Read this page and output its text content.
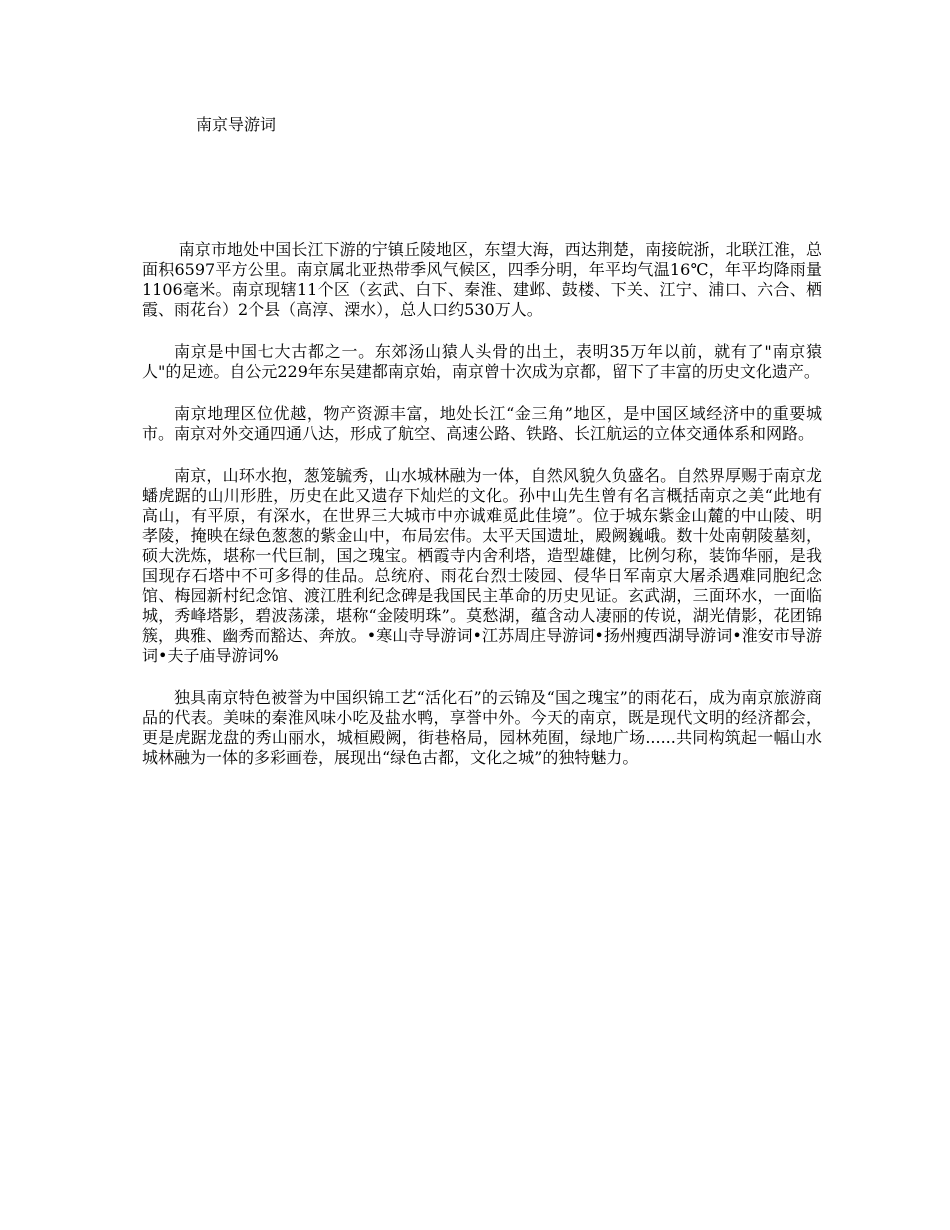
南京导游词

南京市地处中国长江下游的宁镇丘陵地区，东望大海，西达荆楚，南接皖浙，北联江淮，总面积6597平方公里。南京属北亚热带季风气候区，四季分明，年平均气温16℃，年平均降雨量1106毫米。南京现辖11个区（玄武、白下、秦淮、建邺、鼓楼、下关、江宁、浦口、六合、栖霞、雨花台）2个县（高淳、溧水），总人口约530万人。

南京是中国七大古都之一。东郊汤山猿人头骨的出土，表明35万年以前，就有了"南京猿人"的足迹。自公元229年东吴建都南京始，南京曾十次成为京都，留下了丰富的历史文化遗产。

南京地理区位优越，物产资源丰富，地处长江“金三角”地区，是中国区域经济中的重要城市。南京对外交通四通八达，形成了航空、高速公路、铁路、长江航运的立体交通体系和网路。

南京，山环水抱，葱笼毓秀，山水城林融为一体，自然风貌久负盛名。自然界厚赐于南京龙蟠虎踞的山川形胜，历史在此又遗存下灿烂的文化。孙中山先生曾有名言概括南京之美“此地有高山，有平原，有深水，在世界三大城市中亦诚难觅此佳境”。位于城东紫金山麓的中山陵、明孝陵，掩映在绿色葱葱的紫金山中，布局宏伟。太平天国遗址，殿阙巍峨。数十处南朝陵墓刻，硕大洗炼，堪称一代巨制，国之瑰宝。栖霞寺内舍利塔，造型雄健，比例匀称，装饰华丽，是我国现存石塔中不可多得的佳品。总统府、雨花台烈士陵园、侵华日军南京大屠杀遇难同胞纪念馆、梅园新村纪念馆、渡江胜利纪念碑是我国民主革命的历史见证。玄武湖，三面环水，一面临城，秀峰塔影，碧波荡漾，堪称“金陵明珠”。莫愁湖，蕴含动人凄丽的传说，湖光倩影，花团锦簇，典雅、幽秀而豁达、奔放。•寒山寺导游词•江苏周庄导游词•扬州瘦西湖导游词•淮安市导游词•夫子庙导游词%

独具南京特色被誉为中国织锦工艺“活化石”的云锦及“国之瑰宝”的雨花石，成为南京旅游商品的代表。美味的秦淮风味小吃及盐水鸭，享誉中外。今天的南京，既是现代文明的经济都会，更是虎踞龙盘的秀山丽水，城桓殿阙，街巷格局，园林苑囿，绿地广场......共同构筑起一幅山水城林融为一体的多彩画卷，展现出“绿色古都，文化之城”的独特魅力。
